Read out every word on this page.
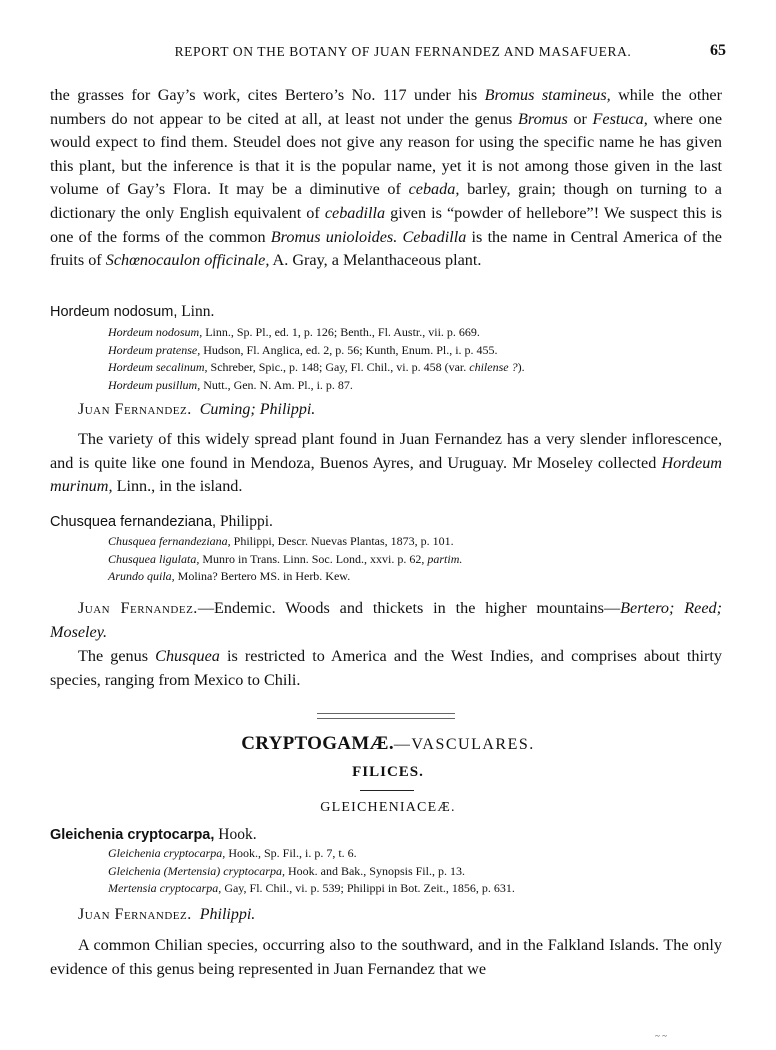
REPORT ON THE BOTANY OF JUAN FERNANDEZ AND MASAFUERA.	65

the grasses for Gay’s work, cites Bertero’s No. 117 under his Bromus stamineus, while the other numbers do not appear to be cited at all, at least not under the genus Bromus or Festuca, where one would expect to find them. Steudel does not give any reason for using the specific name he has given this plant, but the inference is that it is the popular name, yet it is not among those given in the last volume of Gay’s Flora. It may be a diminutive of cebada, barley, grain; though on turning to a dictionary the only English equivalent of cebadilla given is “powder of hellebore”! We suspect this is one of the forms of the common Bromus unioloides. Cebadilla is the name in Central America of the fruits of Schœnocaulon officinale, A. Gray, a Melanthaceous plant.

Hordeum nodosum, Linn.
Hordeum nodosum, Linn., Sp. Pl., ed. 1, p. 126; Benth., Fl. Austr., vii. p. 669.
Hordeum pratense, Hudson, Fl. Anglica, ed. 2, p. 56; Kunth, Enum. Pl., i. p. 455.
Hordeum secalinum, Schreber, Spic., p. 148; Gay, Fl. Chil., vi. p. 458 (var. chilense ?).
Hordeum pusillum, Nutt., Gen. N. Am. Pl., i. p. 87.
Juan Fernandez. Cuming; Philippi.

The variety of this widely spread plant found in Juan Fernandez has a very slender inflorescence, and is quite like one found in Mendoza, Buenos Ayres, and Uruguay. Mr Moseley collected Hordeum murinum, Linn., in the island.

Chusquea fernandeziana, Philippi.
Chusquea fernandeziana, Philippi, Descr. Nuevas Plantas, 1873, p. 101.
Chusquea ligulata, Munro in Trans. Linn. Soc. Lond., xxvi. p. 62, partim.
Arundo quila, Molina? Bertero MS. in Herb. Kew.

Juan Fernandez.—Endemic. Woods and thickets in the higher mountains—Bertero; Reed; Moseley.

The genus Chusquea is restricted to America and the West Indies, and comprises about thirty species, ranging from Mexico to Chili.

CRYPTOGAMÆ.—VASCULARES.
FILICES.
GLEICHENIACEÆ.
Gleichenia cryptocarpa, Hook.
Gleichenia cryptocarpa, Hook., Sp. Fil., i. p. 7, t. 6.
Gleichenia (Mertensia) cryptocarpa, Hook. and Bak., Synopsis Fil., p. 13.
Mertensia cryptocarpa, Gay, Fl. Chil., vi. p. 539; Philippi in Bot. Zeit., 1856, p. 631.
Juan Fernandez. Philippi.

A common Chilian species, occurring also to the southward, and in the Falkland Islands. The only evidence of this genus being represented in Juan Fernandez that we

~ ~
